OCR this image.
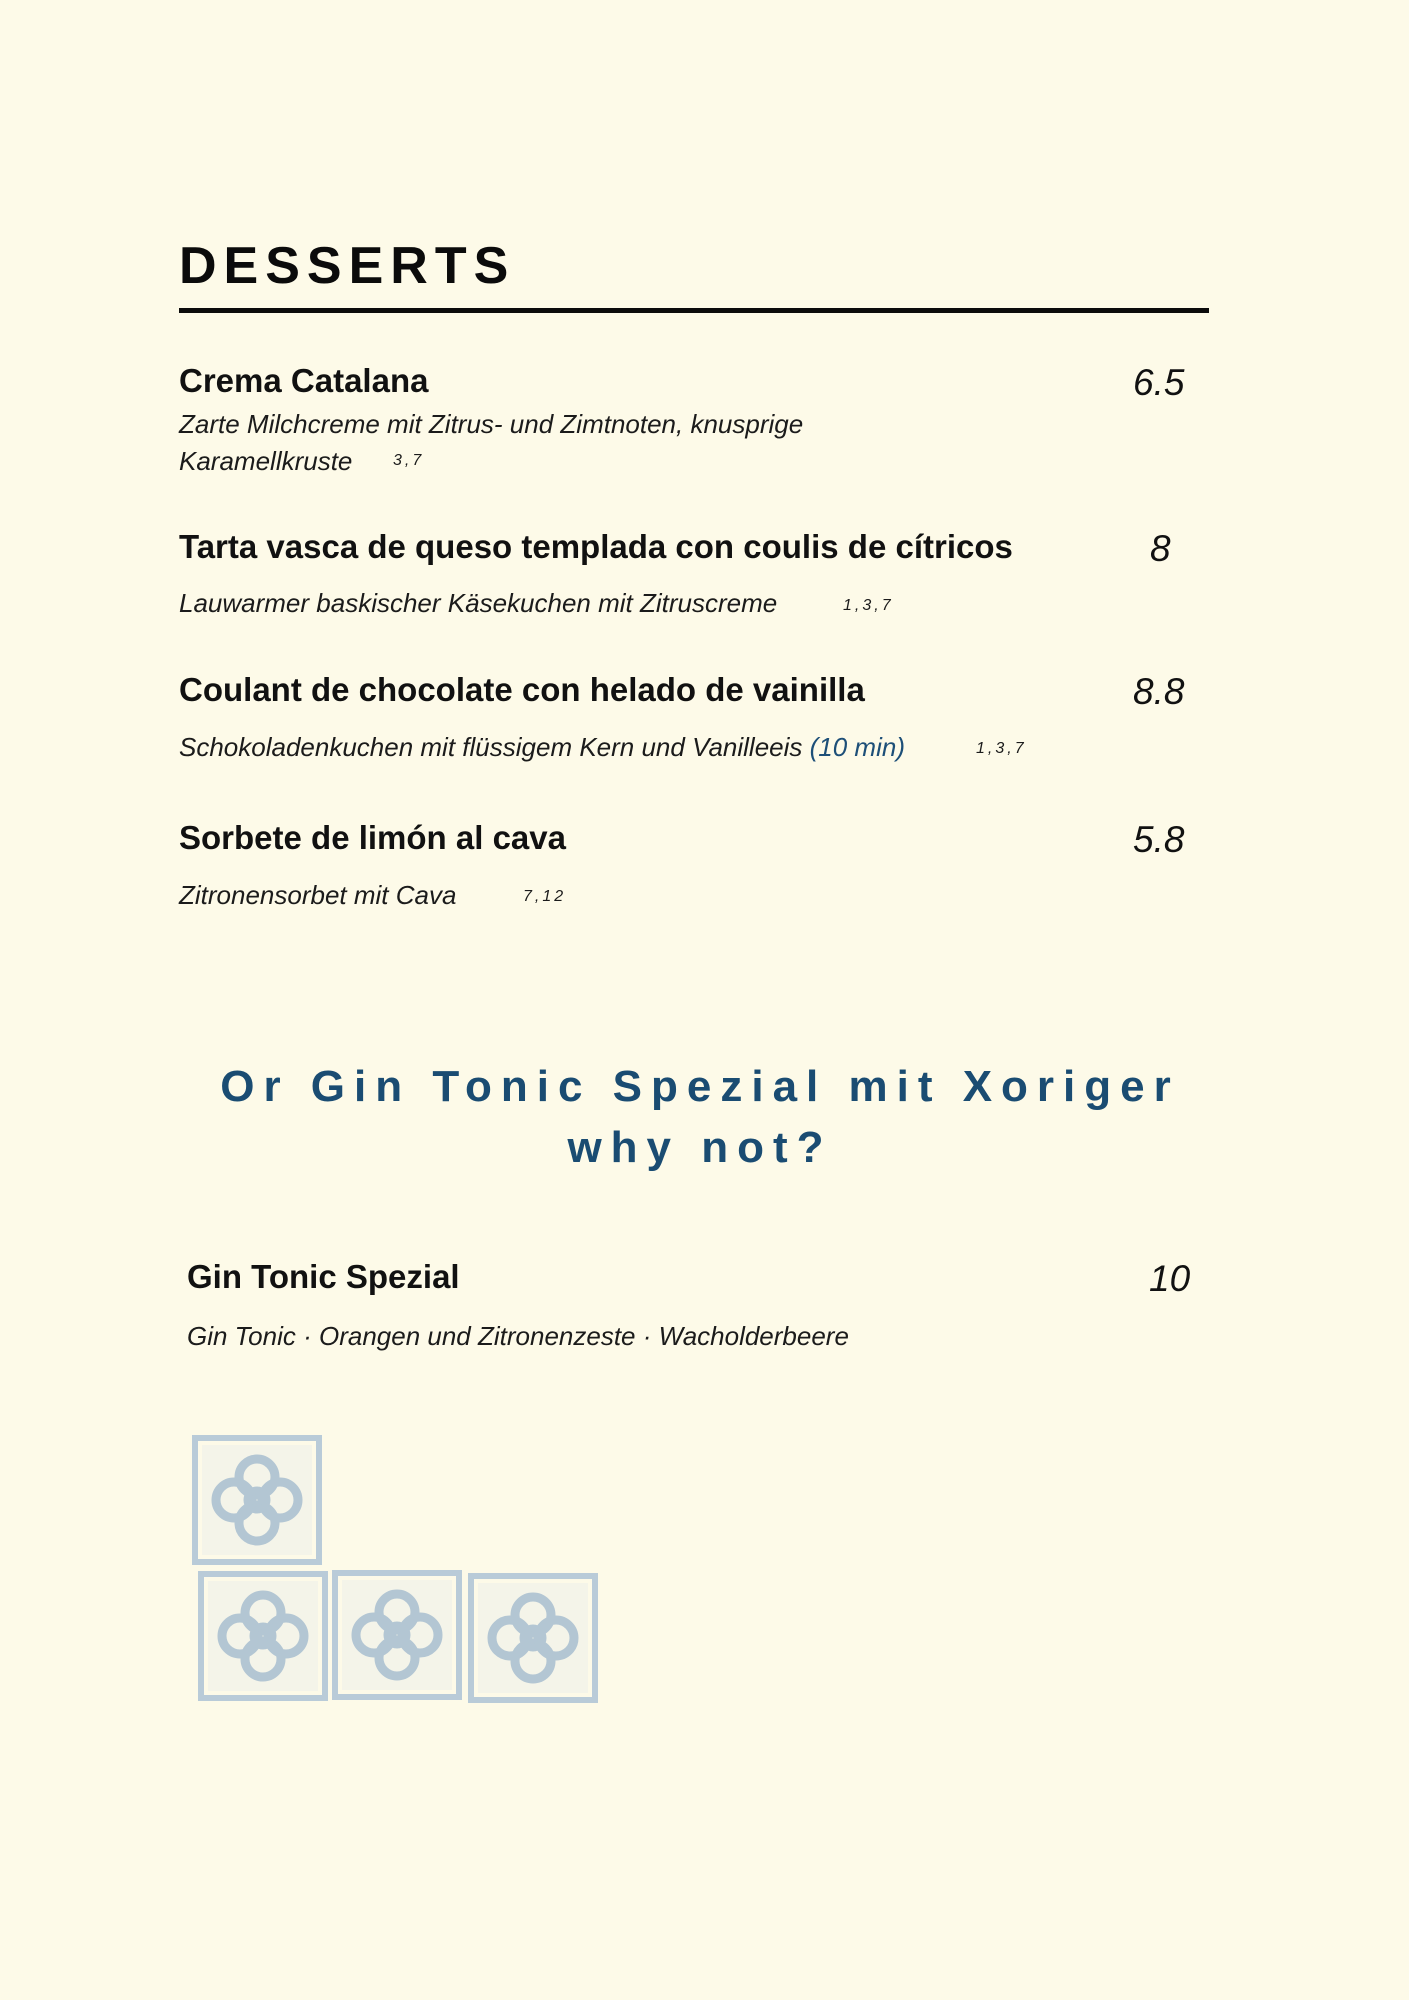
DESSERTS
Crema Catalana	6.5
Zarte Milchcreme mit Zitrus- und Zimtnoten, knusprige
Karamellkruste	3,7
Tarta vasca de queso templada con coulis de cítricos	8
Lauwarmer baskischer Käsekuchen mit Zitruscreme	1,3,7
Coulant de chocolate con helado de vainilla	8.8
Schokoladenkuchen mit flüssigem Kern und Vanilleeis (10 min)	1,3,7
Sorbete de limón al cava	5.8
Zitronensorbet mit Cava	7,12
Or Gin Tonic Spezial mit Xoriger
why not?
Gin Tonic Spezial	10
Gin Tonic · Orangen und Zitronenzeste · Wacholderbeere
